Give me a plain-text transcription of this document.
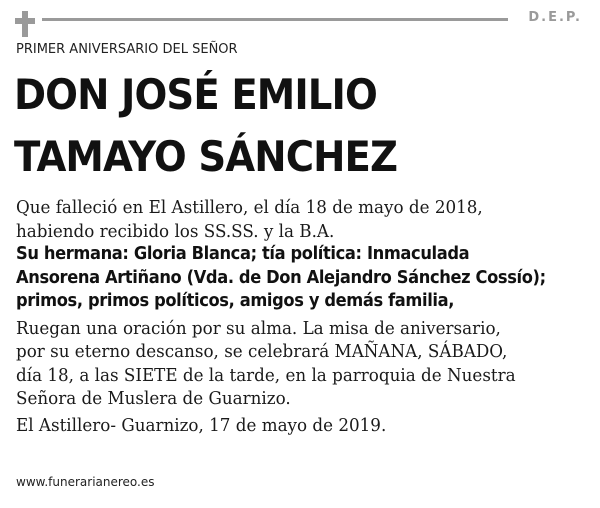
D.E.P.
PRIMER ANIVERSARIO DEL SEÑOR
DON JOSÉ EMILIO
TAMAYO SÁNCHEZ

Que falleció en El Astillero, el día 18 de mayo de 2018,

habiendo recibido los SS.SS. y la B.A.

Su hermana: Gloria Blanca; tía política: Inmaculada

Ansorena Artiñano (Vda. de Don Alejandro Sánchez Cossío);

primos, primos políticos, amigos y demás familia,

Ruegan una oración por su alma. La misa de aniversario,

por su eterno descanso, se celebrará MAÑANA, SÁBADO,

día 18, a las SIETE de la tarde, en la parroquia de Nuestra

Señora de Muslera de Guarnizo.

El Astillero- Guarnizo, 17 de mayo de 2019.

www.funerarianereo.es
